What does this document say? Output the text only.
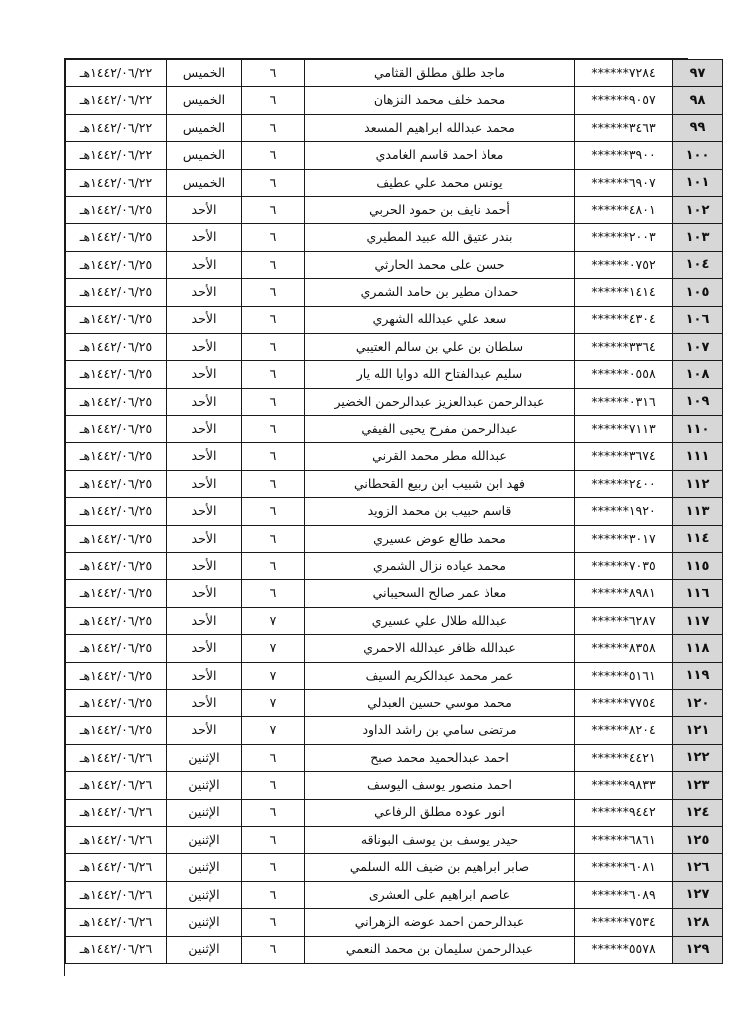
٩٧	******٧٢٨٤	ماجد طلق مطلق القثامي	٦	الخميس	١٤٤٢/٠٦/٢٢هـ
٩٨	******٩٠٥٧	محمد خلف محمد النزهان	٦	الخميس	١٤٤٢/٠٦/٢٢هـ
٩٩	******٣٤٦٣	محمد عبدالله ابراهيم المسعد	٦	الخميس	١٤٤٢/٠٦/٢٢هـ
١٠٠	******٣٩٠٠	معاذ احمد قاسم الغامدي	٦	الخميس	١٤٤٢/٠٦/٢٢هـ
١٠١	******٦٩٠٧	يونس محمد علي عطيف	٦	الخميس	١٤٤٢/٠٦/٢٢هـ
١٠٢	******٤٨٠١	أحمد نايف بن حمود الحربي	٦	الأحد	١٤٤٢/٠٦/٢٥هـ
١٠٣	******٢٠٠٣	بندر عتيق الله عبيد المطيري	٦	الأحد	١٤٤٢/٠٦/٢٥هـ
١٠٤	******٠٧٥٢	حسن على محمد الحارثي	٦	الأحد	١٤٤٢/٠٦/٢٥هـ
١٠٥	******١٤١٤	حمدان مطير بن حامد الشمري	٦	الأحد	١٤٤٢/٠٦/٢٥هـ
١٠٦	******٤٣٠٤	سعد علي عبدالله الشهري	٦	الأحد	١٤٤٢/٠٦/٢٥هـ
١٠٧	******٣٣٦٤	سلطان بن علي بن سالم العتيبي	٦	الأحد	١٤٤٢/٠٦/٢٥هـ
١٠٨	******٠٥٥٨	سليم عبدالفتاح الله دوايا الله يار	٦	الأحد	١٤٤٢/٠٦/٢٥هـ
١٠٩	******٠٣١٦	عبدالرحمن عبدالعزيز عبدالرحمن الخضير	٦	الأحد	١٤٤٢/٠٦/٢٥هـ
١١٠	******٧١١٣	عبدالرحمن مفرح يحيى الفيفي	٦	الأحد	١٤٤٢/٠٦/٢٥هـ
١١١	******٣٦٧٤	عبدالله مطر محمد القرني	٦	الأحد	١٤٤٢/٠٦/٢٥هـ
١١٢	******٢٤٠٠	فهد ابن شبيب ابن ربيع القحطاني	٦	الأحد	١٤٤٢/٠٦/٢٥هـ
١١٣	******١٩٢٠	قاسم حبيب بن محمد الزويد	٦	الأحد	١٤٤٢/٠٦/٢٥هـ
١١٤	******٣٠١٧	محمد طالع عوض عسيري	٦	الأحد	١٤٤٢/٠٦/٢٥هـ
١١٥	******٧٠٣٥	محمد عياده نزال الشمري	٦	الأحد	١٤٤٢/٠٦/٢٥هـ
١١٦	******٨٩٨١	معاذ عمر صالح السحيباني	٦	الأحد	١٤٤٢/٠٦/٢٥هـ
١١٧	******٦٢٨٧	عبدالله طلال علي عسيري	٧	الأحد	١٤٤٢/٠٦/٢٥هـ
١١٨	******٨٣٥٨	عبدالله ظافر عبدالله الاحمري	٧	الأحد	١٤٤٢/٠٦/٢٥هـ
١١٩	******٥١٦١	عمر محمد عبدالكريم السيف	٧	الأحد	١٤٤٢/٠٦/٢٥هـ
١٢٠	******٧٧٥٤	محمد موسي حسين العبدلي	٧	الأحد	١٤٤٢/٠٦/٢٥هـ
١٢١	******٨٢٠٤	مرتضى سامي بن راشد الداود	٧	الأحد	١٤٤٢/٠٦/٢٥هـ
١٢٢	******٤٤٢١	احمد عبدالحميد محمد صبح	٦	الإثنين	١٤٤٢/٠٦/٢٦هـ
١٢٣	******٩٨٣٣	احمد منصور يوسف اليوسف	٦	الإثنين	١٤٤٢/٠٦/٢٦هـ
١٢٤	******٩٤٤٢	انور عوده مطلق الرفاعي	٦	الإثنين	١٤٤٢/٠٦/٢٦هـ
١٢٥	******٦٨٦١	حيدر يوسف بن يوسف البوناقه	٦	الإثنين	١٤٤٢/٠٦/٢٦هـ
١٢٦	******٦٠٨١	صابر ابراهيم بن ضيف الله السلمي	٦	الإثنين	١٤٤٢/٠٦/٢٦هـ
١٢٧	******٦٠٨٩	عاصم ابراهيم على العشرى	٦	الإثنين	١٤٤٢/٠٦/٢٦هـ
١٢٨	******٧٥٣٤	عبدالرحمن احمد عوضه الزهراني	٦	الإثنين	١٤٤٢/٠٦/٢٦هـ
١٢٩	******٥٥٧٨	عبدالرحمن سليمان بن محمد النعمي	٦	الإثنين	١٤٤٢/٠٦/٢٦هـ
